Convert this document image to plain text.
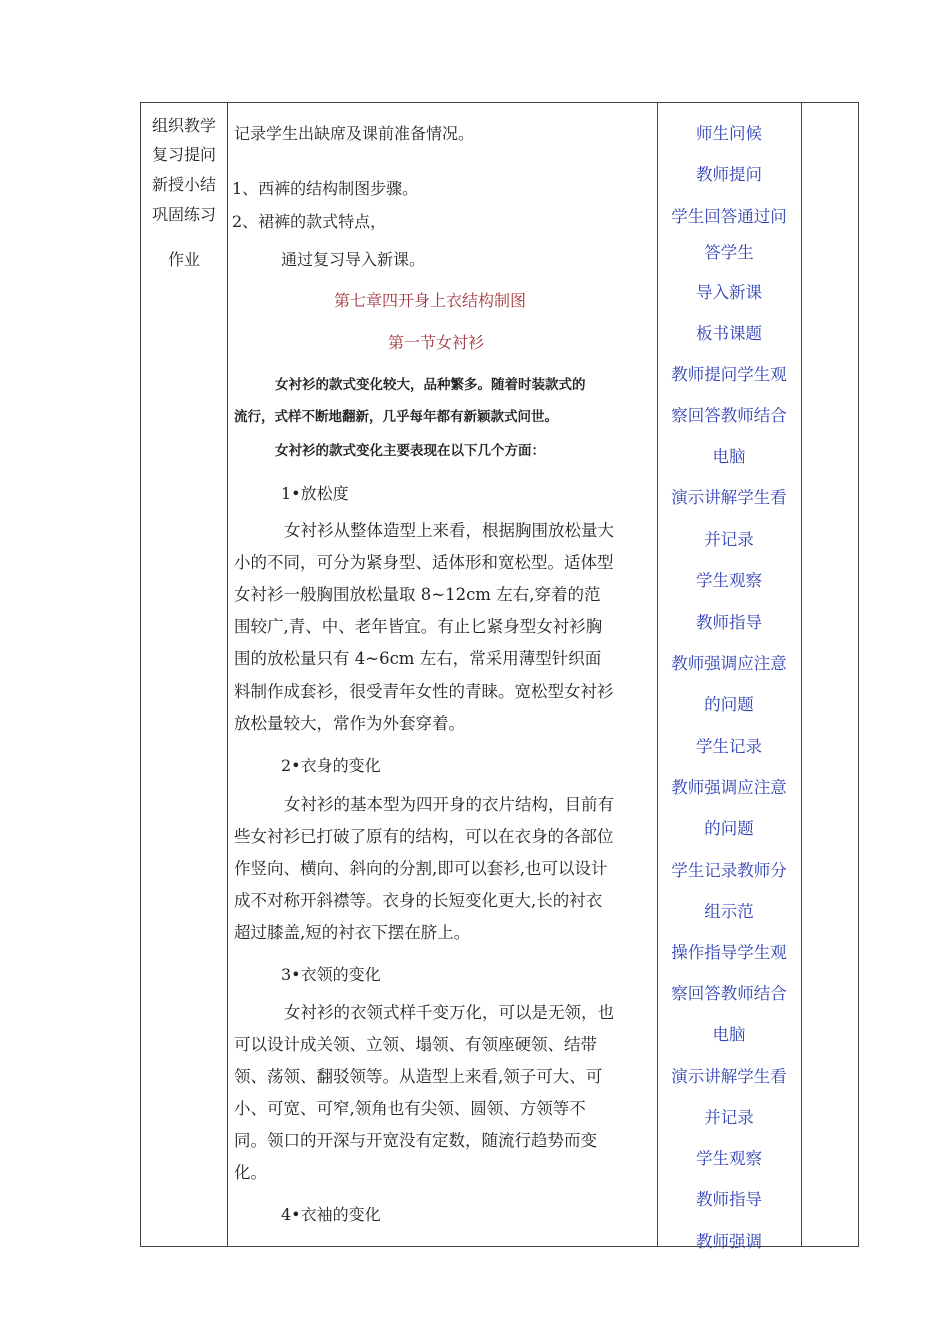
组织教学
复习提问
新授小结
巩固练习
作业
记录学生出缺席及课前准备情况。
1、西裤的结构制图步骤。
2、裙裤的款式特点，
通过复习导入新课。
第七章四开身上衣结构制图
第一节女衬衫
女衬衫的款式变化较大，品种繁多。随着时装款式的
流行，式样不断地翻新，几乎每年都有新颖款式问世。
女衬衫的款式变化主要表现在以下几个方面：
1•放松度
女衬衫从整体造型上来看，根据胸围放松量大
小的不同，可分为紧身型、适体形和宽松型。适体型
女衬衫一般胸围放松量取 8~12cm 左右,穿着的范
围较广,青、中、老年皆宜。有止匕紧身型女衬衫胸
围的放松量只有 4~6cm 左右，常采用薄型针织面
料制作成套衫，很受青年女性的青睐。宽松型女衬衫
放松量较大，常作为外套穿着。
2•衣身的变化
女衬衫的基本型为四开身的衣片结构，目前有
些女衬衫已打破了原有的结构，可以在衣身的各部位
作竖向、横向、斜向的分割,即可以套衫,也可以设计
成不对称开斜襟等。衣身的长短变化更大,长的衬衣
超过膝盖,短的衬衣下摆在脐上。
3•衣领的变化
女衬衫的衣领式样千变万化，可以是无领，也
可以设计成关领、立领、塌领、有领座硬领、结带
领、荡领、翻驳领等。从造型上来看,领子可大、可
小、可宽、可窄,领角也有尖领、圆领、方领等不
同。领口的开深与开宽没有定数，随流行趋势而变
化。
4•衣袖的变化
师生问候
教师提问
学生回答通过问
答学生
导入新课
板书课题
教师提问学生观
察回答教师结合
电脑
演示讲解学生看
并记录
学生观察
教师指导
教师强调应注意
的问题
学生记录
教师强调应注意
的问题
学生记录教师分
组示范
操作指导学生观
察回答教师结合
电脑
演示讲解学生看
并记录
学生观察
教师指导
教师强调
